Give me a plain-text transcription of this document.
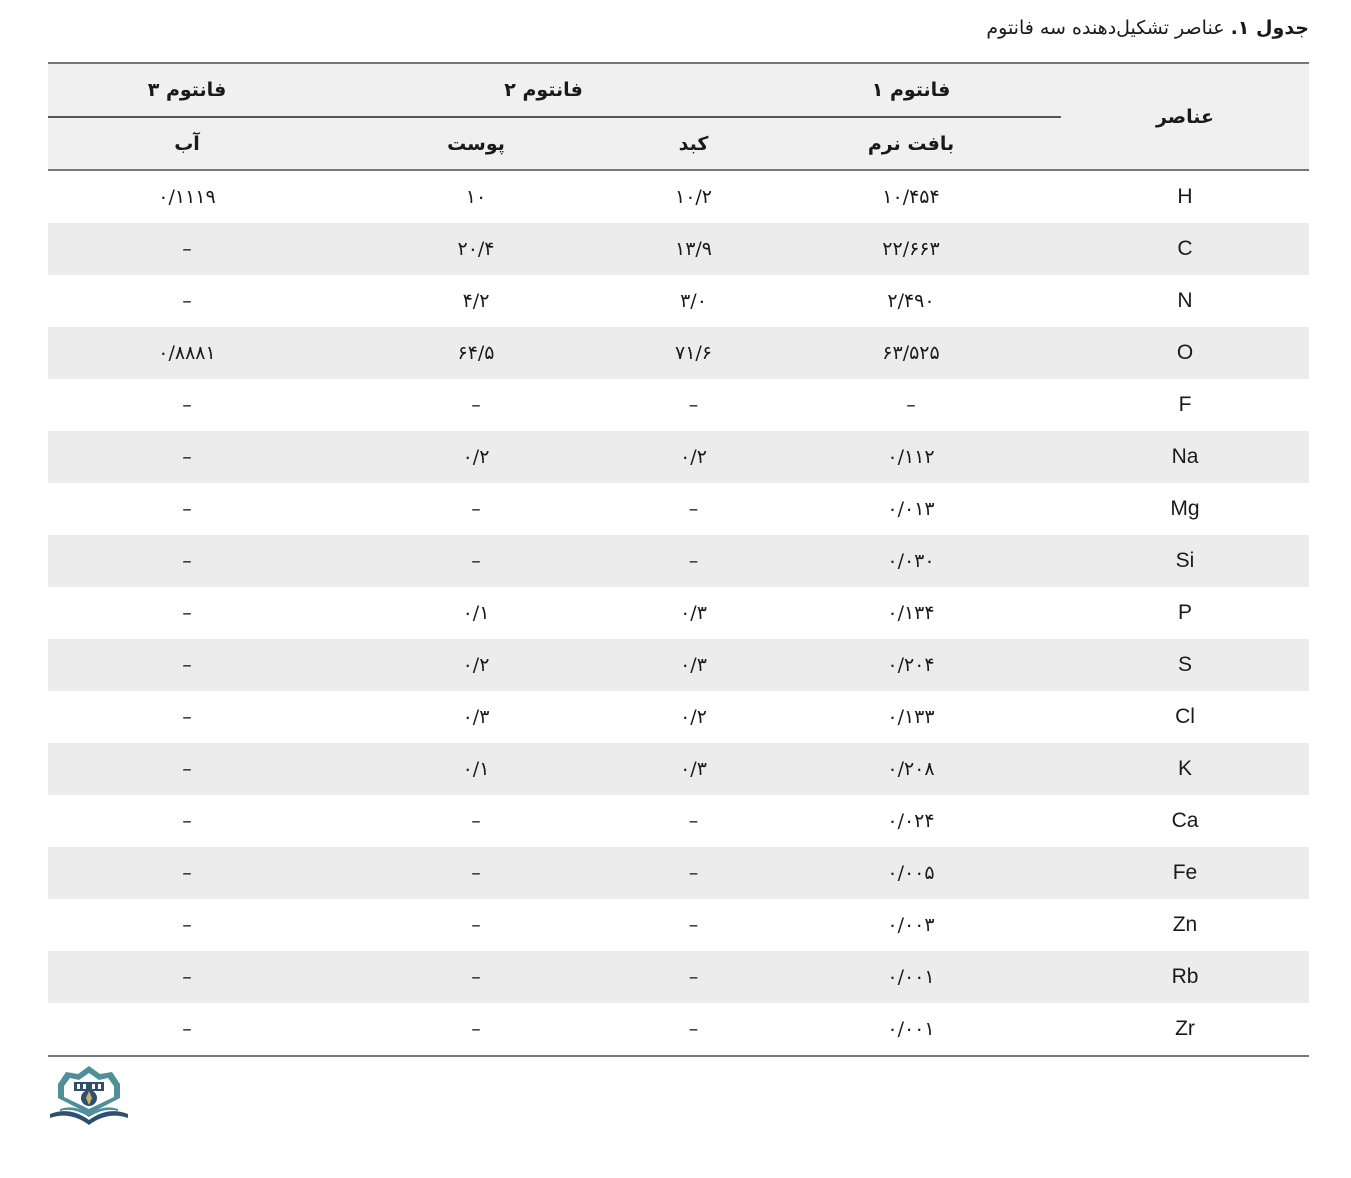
جدول ۱. عناصر تشکیل‌دهنده سه فانتوم
عناصر	فانتوم ۱	فانتوم ۲		فانتوم ۳
	بافت نرم	کبد	پوست	آب
H	۱۰/۴۵۴	۱۰/۲	۱۰	۰/۱۱۱۹
C	۲۲/۶۶۳	۱۳/۹	۲۰/۴	–
N	۲/۴۹۰	۳/۰	۴/۲	–
O	۶۳/۵۲۵	۷۱/۶	۶۴/۵	۰/۸۸۸۱
F	–	–	–	–
Na	۰/۱۱۲	۰/۲	۰/۲	–
Mg	۰/۰۱۳	–	–	–
Si	۰/۰۳۰	–	–	–
P	۰/۱۳۴	۰/۳	۰/۱	–
S	۰/۲۰۴	۰/۳	۰/۲	–
Cl	۰/۱۳۳	۰/۲	۰/۳	–
K	۰/۲۰۸	۰/۳	۰/۱	–
Ca	۰/۰۲۴	–	–	–
Fe	۰/۰۰۵	–	–	–
Zn	۰/۰۰۳	–	–	–
Rb	۰/۰۰۱	–	–	–
Zr	۰/۰۰۱	–	–	–
